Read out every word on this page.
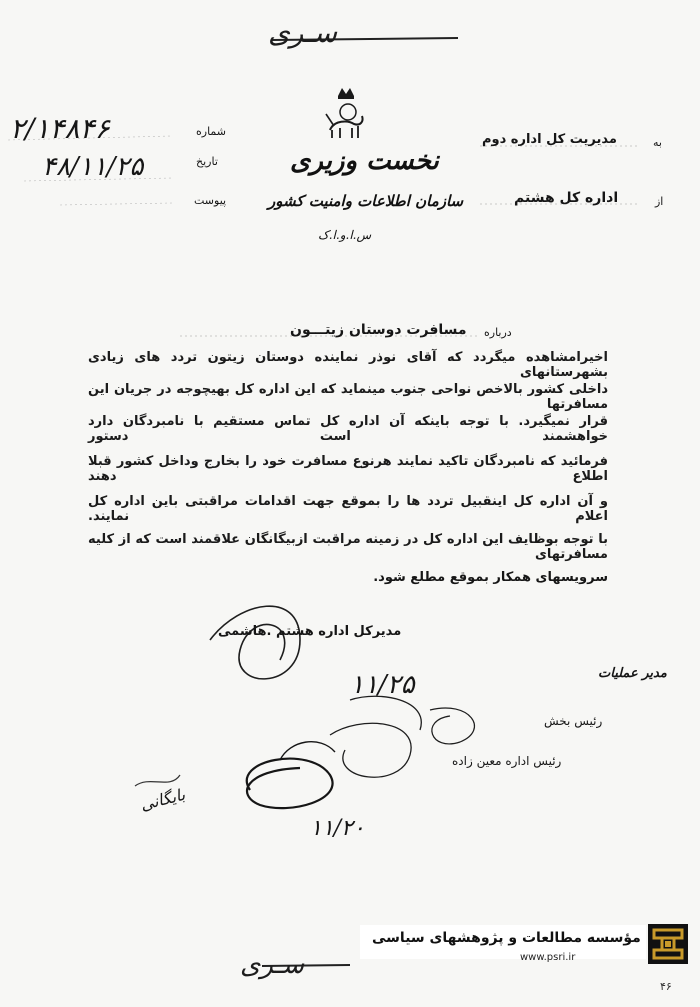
سـری
نخست وزیری
سازمان اطلاعات وامنیت کشور
س.ا.و.ا.ک
شماره
۲/۱۴۸۴۶
تاریخ
۴۸/۱۱/۲۵
پیوست
به
مدیریت کل اداره دوم
از
اداره کل هشتم
درباره
مسافرت دوستان زیتـــون
اخیرامشاهده میگردد که آقای نوذر نماینده دوستان زیتون تردد های زیادی بشهرستانهای
داخلی کشور بالاخص نواحی جنوب مینماید که این اداره کل بهیچوجه در جریان این مسافرتها
قرار نمیگیرد. با توجه باینکه آن اداره کل تماس مستقیم با نامبردگان دارد خواهشمند است دستور
فرمائید که نامبردگان تاکید نمایند هرنوع مسافرت خود را بخارج وداخل کشور قبلا اطلاع دهند
و آن اداره کل اینقبیل تردد ها را بموقع جهت اقدامات مراقبتی باین اداره کل اعلام نمایند.
با توجه بوظایف این اداره کل در زمینه مراقبت ازبیگانگان علاقمند است که از کلیه مسافرتهای
سرویسهای همکار بموقع مطلع شود.
مدیرکل اداره هشتم .هاشمی
۱۱/۲۵	مدیر عملیات
رئیس بخش
رئیس اداره معین زاده
۱۱/۲۰
بایگانی
سـری
مؤسسه مطالعات و پژوهشهای سیاسی
www.psri.ir
۴۶
